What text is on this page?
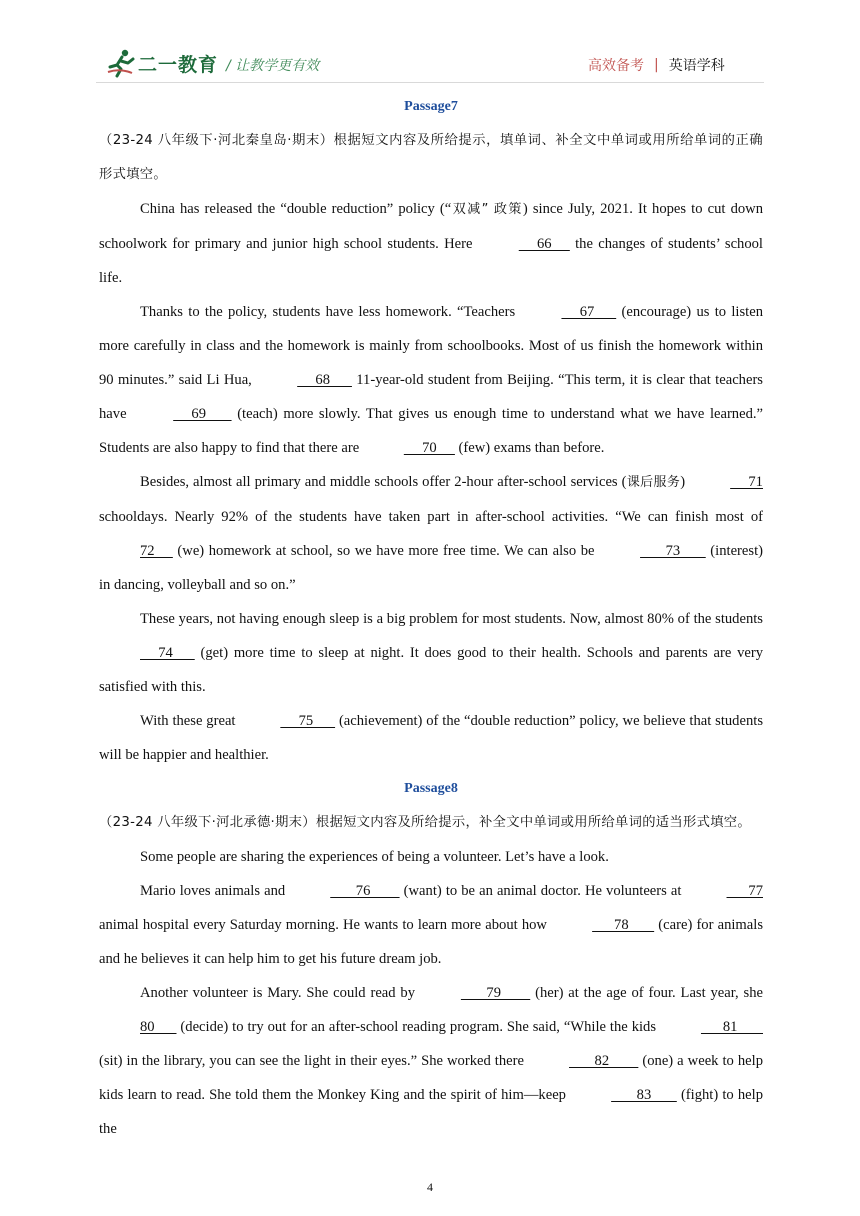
二一教育 / 让教学更有效	高效备考 | 英语学科
Passage7
（23-24 八年级下·河北秦皇岛·期末）根据短文内容及所给提示，填单词、补全文中单词或用所给单词的正确形式填空。
China has released the “double reduction” policy (“双减” 政策) since July, 2021. It hopes to cut down schoolwork for primary and junior high school students. Here	66      the changes of students’ school life.
Thanks to the policy, students have less homework. “Teachers	67       (encourage) us to listen more carefully in class and the homework is mainly from schoolbooks. Most of us finish the homework within 90 minutes.” said Li Hua,	68       11-year-old student from Beijing. “This term, it is clear that teachers have	69        (teach) more slowly. That gives us enough time to understand what we have learned.” Students are also happy to find that there are	70      (few) exams than before.
Besides, almost all primary and middle schools offer 2-hour after-school services (课后服务)	71 schooldays. Nearly 92% of the students have taken part in after-school activities. “We can finish most of 72      (we) homework at school, so we have more free time. We can also be	73        (interest) in dancing, volleyball and so on.”
These years, not having enough sleep is a big problem for most students. Now, almost 80% of the students      74       (get) more time to sleep at night. It does good to their health. Schools and parents are very satisfied with this.
With these great	75       (achievement) of the “double reduction” policy, we believe that students will be happier and healthier.
Passage8
（23-24 八年级下·河北承德·期末）根据短文内容及所给提示，补全文中单词或用所给单词的适当形式填空。
Some people are sharing the experiences of being a volunteer. Let’s have a look.
Mario loves animals and	76         (want) to be an animal doctor. He volunteers at	77 animal hospital every Saturday morning. He wants to learn more about how	78        (care) for animals and he believes it can help him to get his future dream job.
Another volunteer is Mary. She could read by	79         (her) at the age of four. Last year, she 80       (decide) to try out for an after-school reading program. She said, “While the kids	81        (sit) in the library, you can see the light in their eyes.” She worked there	82         (one) a week to help kids learn to read. She told them the Monkey King and the spirit of him—keep	83        (fight) to help the
4
